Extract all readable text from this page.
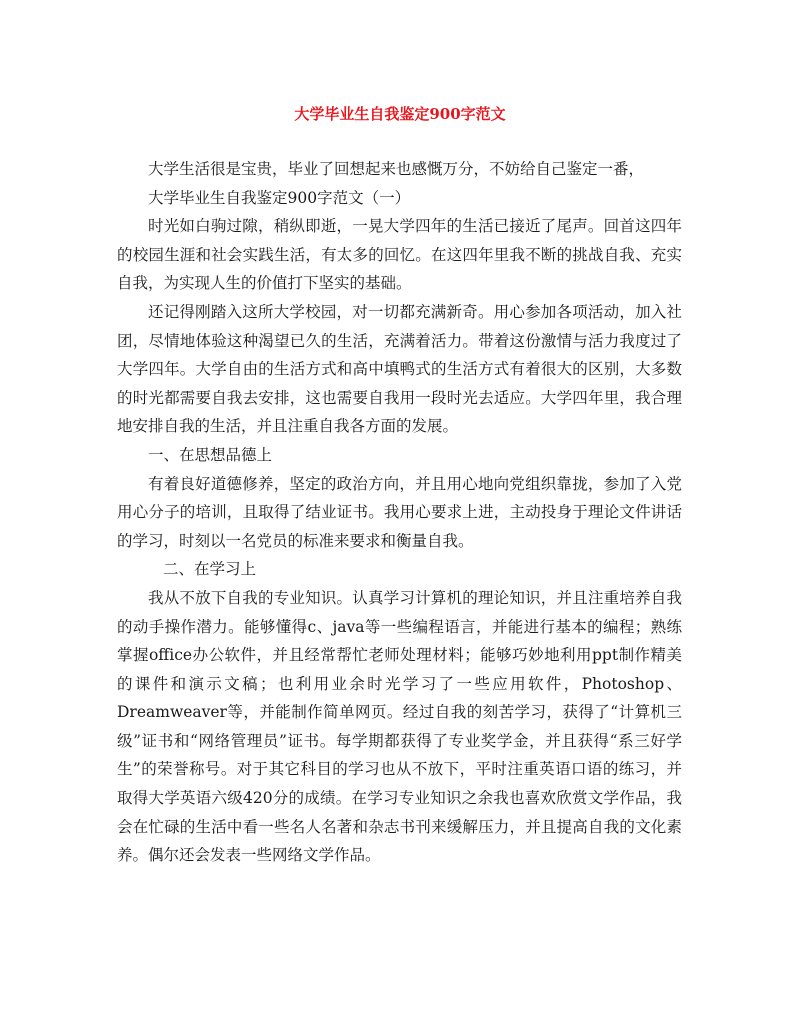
大学毕业生自我鉴定900字范文

大学生活很是宝贵，毕业了回想起来也感慨万分，不妨给自己鉴定一番，

大学毕业生自我鉴定900字范文（一）

时光如白驹过隙，稍纵即逝，一晃大学四年的生活已接近了尾声。回首这四年的校园生涯和社会实践生活，有太多的回忆。在这四年里我不断的挑战自我、充实自我，为实现人生的价值打下坚实的基础。

还记得刚踏入这所大学校园，对一切都充满新奇。用心参加各项活动，加入社团，尽情地体验这种渴望已久的生活，充满着活力。带着这份激情与活力我度过了大学四年。大学自由的生活方式和高中填鸭式的生活方式有着很大的区别，大多数的时光都需要自我去安排，这也需要自我用一段时光去适应。大学四年里，我合理地安排自我的生活，并且注重自我各方面的发展。

一、在思想品德上

有着良好道德修养，坚定的政治方向，并且用心地向党组织靠拢，参加了入党用心分子的培训，且取得了结业证书。我用心要求上进，主动投身于理论文件讲话的学习，时刻以一名党员的标准来要求和衡量自我。

二、在学习上

我从不放下自我的专业知识。认真学习计算机的理论知识，并且注重培养自我的动手操作潜力。能够懂得c、java等一些编程语言，并能进行基本的编程；熟练掌握office办公软件，并且经常帮忙老师处理材料；能够巧妙地利用ppt制作精美的课件和演示文稿；也利用业余时光学习了一些应用软件，Photoshop、Dreamweaver等，并能制作简单网页。经过自我的刻苦学习，获得了“计算机三级”证书和“网络管理员”证书。每学期都获得了专业奖学金，并且获得“系三好学生”的荣誉称号。对于其它科目的学习也从不放下，平时注重英语口语的练习，并取得大学英语六级420分的成绩。在学习专业知识之余我也喜欢欣赏文学作品，我会在忙碌的生活中看一些名人名著和杂志书刊来缓解压力，并且提高自我的文化素养。偶尔还会发表一些网络文学作品。
